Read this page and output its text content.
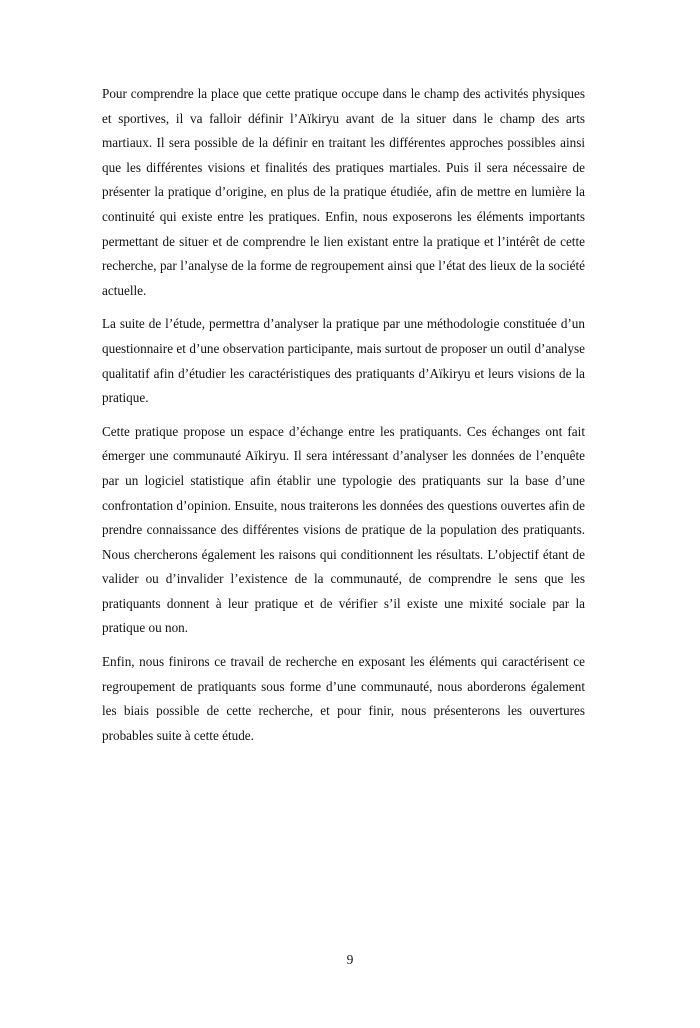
Pour comprendre la place que cette pratique occupe dans le champ des activités physiques et sportives, il va falloir définir l’Aïkiryu avant de la situer dans le champ des arts martiaux. Il sera possible de la définir en traitant les différentes approches possibles ainsi que les différentes visions et finalités des pratiques martiales. Puis il sera nécessaire de présenter la pratique d’origine, en plus de la pratique étudiée, afin de mettre en lumière la continuité qui existe entre les pratiques. Enfin, nous exposerons les éléments importants permettant de situer et de comprendre le lien existant entre la pratique et l’intérêt de cette recherche, par l’analyse de la forme de regroupement ainsi que l’état des lieux de la société actuelle.

La suite de l’étude, permettra d’analyser la pratique par une méthodologie constituée d’un questionnaire et d’une observation participante, mais surtout de proposer un outil d’analyse qualitatif afin d’étudier les caractéristiques des pratiquants d’Aïkiryu et leurs visions de la pratique.

Cette pratique propose un espace d’échange entre les pratiquants. Ces échanges ont fait émerger une communauté Aïkiryu. Il sera intéressant d’analyser les données de l’enquête par un logiciel statistique afin établir une typologie des pratiquants sur la base d’une confrontation d’opinion. Ensuite, nous traiterons les données des questions ouvertes afin de prendre connaissance des différentes visions de pratique de la population des pratiquants. Nous chercherons également les raisons qui conditionnent les résultats. L’objectif étant de valider ou d’invalider l’existence de la communauté, de comprendre le sens que les pratiquants donnent à leur pratique et de vérifier s’il existe une mixité sociale par la pratique ou non.

Enfin, nous finirons ce travail de recherche en exposant les éléments qui caractérisent ce regroupement de pratiquants sous forme d’une communauté, nous aborderons également les biais possible de cette recherche, et pour finir, nous présenterons les ouvertures probables suite à cette étude.

9
